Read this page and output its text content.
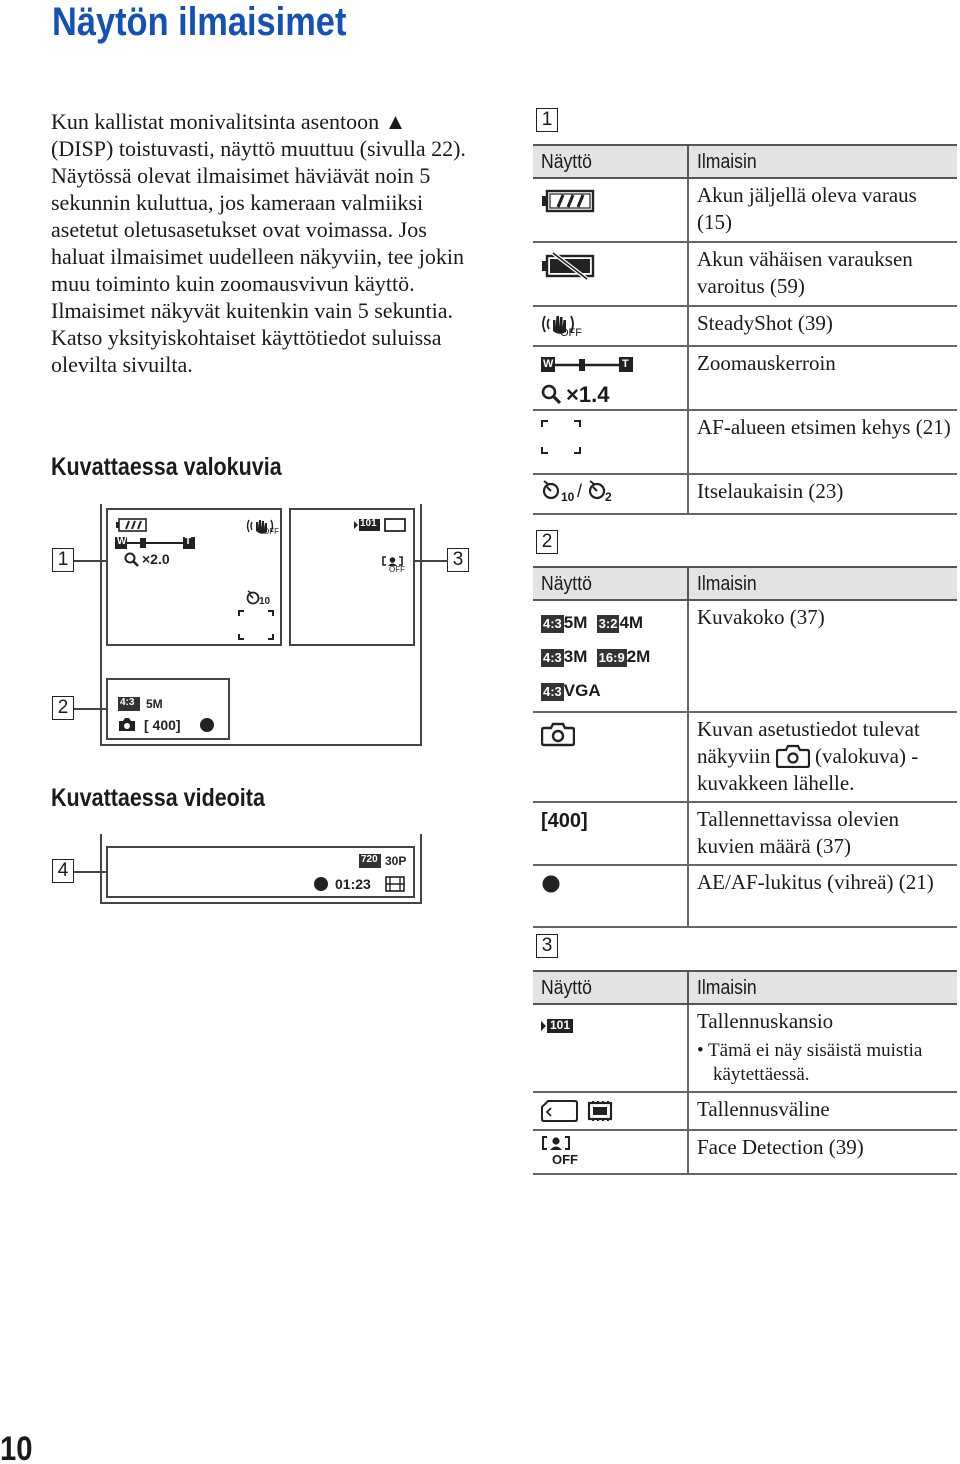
Näytön ilmaisimet

Kun kallistat monivalitsinta asentoon ▲ (DISP) toistuvasti, näyttö muuttuu (sivulla 22).

Näytössä olevat ilmaisimet häviävät noin 5 sekunnin kuluttua, jos kameraan valmiiksi asetetut oletusasetukset ovat voimassa. Jos haluat ilmaisimet uudelleen näkyviin, tee jokin muu toiminto kuin zoomausvivun käyttö. Ilmaisimet näkyvät kuitenkin vain 5 sekuntia.

Katso yksityiskohtaiset käyttötiedot suluissa olevilta sivuilta.

Kuvattaessa valokuvia
1
2
3
W	T
×2.0
OFF
10
101
OFF
4:3 5M
[ 400]
Kuvattaessa videoita
4
720 30P
01:23
1
Näyttö	Ilmaisin

	Akun jäljellä oleva varaus (15)

	Akun vähäisen varauksen varoitus (59)

OFF	SteadyShot (39)

W T
×1.4	Zoomauskerroin

	AF-alueen etsimen kehys (21)

10 / 2	Itselaukaisin (23)
2
Näyttö	Ilmaisin

4:3 5M 3:2 4M
4:3 3M 16:9 2M
4:3 VGA	Kuvakoko (37)

	Kuvan asetustiedot tulevat näkyviin (valokuva) -kuvakkeen lähelle.
[400]	Tallennettavissa olevien kuvien määrä (37)

	AE/AF-lukitus (vihreä) (21)
3
Näyttö	Ilmaisin

101	Tallennuskansio
• Tämä ei näy sisäistä muistia käytettäessä.

	Tallennusväline

OFF	Face Detection (39)
10
